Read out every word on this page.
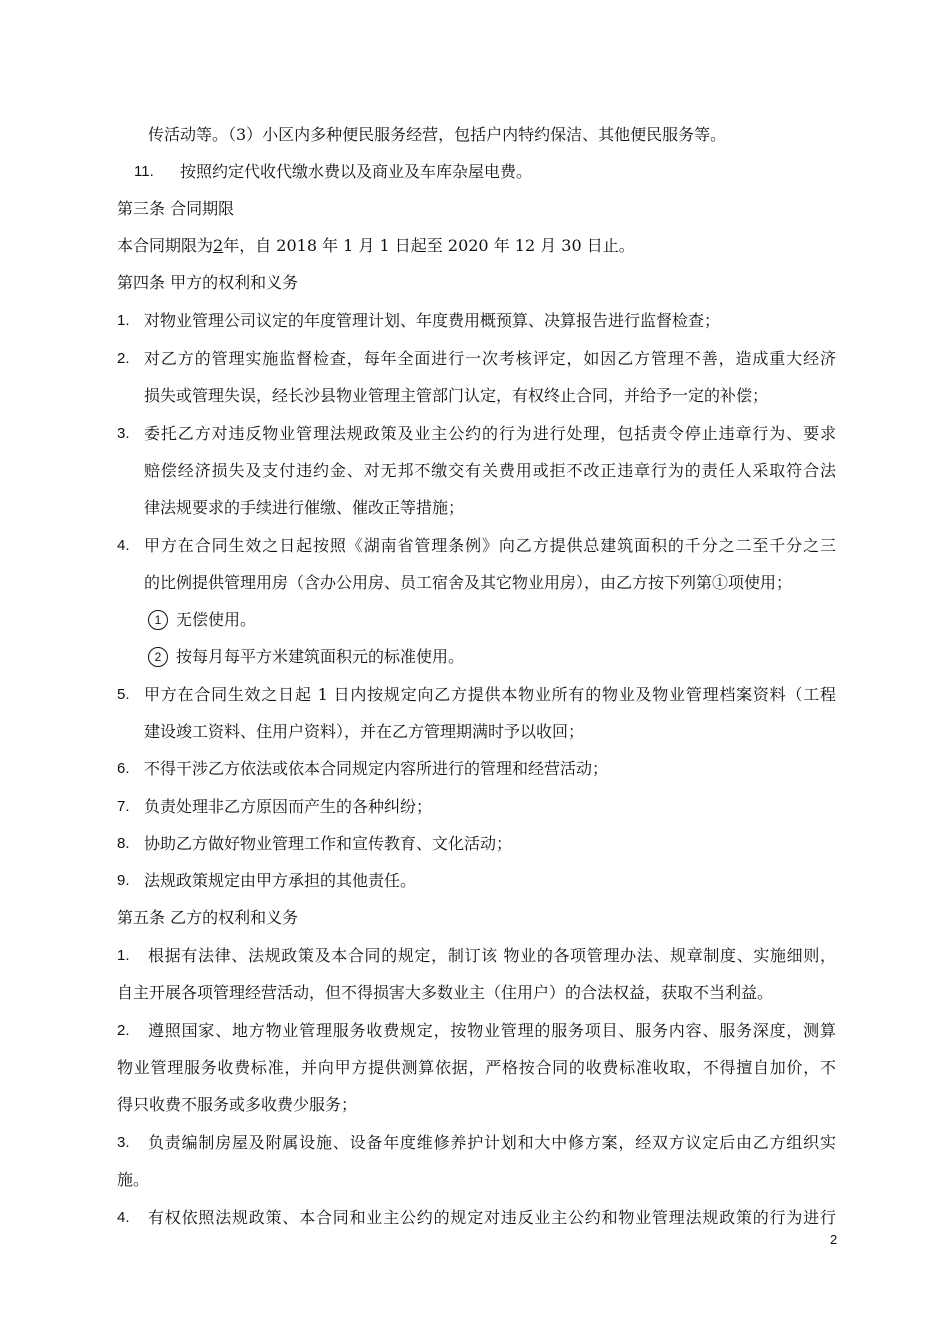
传活动等。（3）小区内多种便民服务经营，包括户内特约保洁、其他便民服务等。
11. 按照约定代收代缴水费以及商业及车库杂屋电费。
第三条 合同期限
本合同期限为2年，自 2018 年 1 月 1 日起至 2020 年 12 月 30 日止。
第四条 甲方的权利和义务
1. 对物业管理公司议定的年度管理计划、年度费用概预算、决算报告进行监督检查；
2. 对乙方的管理实施监督检查，每年全面进行一次考核评定，如因乙方管理不善，造成重大经济
损失或管理失误，经长沙县物业管理主管部门认定，有权终止合同，并给予一定的补偿；
3. 委托乙方对违反物业管理法规政策及业主公约的行为进行处理，包括责令停止违章行为、要求
赔偿经济损失及支付违约金、对无邦不缴交有关费用或拒不改正违章行为的责任人采取符合法
律法规要求的手续进行催缴、催改正等措施；
4. 甲方在合同生效之日起按照《湖南省管理条例》向乙方提供总建筑面积的千分之二至千分之三
的比例提供管理用房（含办公用房、员工宿舍及其它物业用房），由乙方按下列第①项使用；
1 无偿使用。
2 按每月每平方米建筑面积元的标准使用。
5. 甲方在合同生效之日起 1 日内按规定向乙方提供本物业所有的物业及物业管理档案资料（工程
建设竣工资料、住用户资料），并在乙方管理期满时予以收回；
6. 不得干涉乙方依法或依本合同规定内容所进行的管理和经营活动；
7. 负责处理非乙方原因而产生的各种纠纷；
8. 协助乙方做好物业管理工作和宣传教育、文化活动；
9. 法规政策规定由甲方承担的其他责任。
第五条 乙方的权利和义务
1. 根据有法律、法规政策及本合同的规定，制订该 物业的各项管理办法、规章制度、实施细则，
自主开展各项管理经营活动，但不得损害大多数业主（住用户）的合法权益，获取不当利益。
2. 遵照国家、地方物业管理服务收费规定，按物业管理的服务项目、服务内容、服务深度，测算
物业管理服务收费标准，并向甲方提供测算依据，严格按合同的收费标准收取，不得擅自加价，不
得只收费不服务或多收费少服务；
3. 负责编制房屋及附属设施、设备年度维修养护计划和大中修方案，经双方议定后由乙方组织实
施。
4. 有权依照法规政策、本合同和业主公约的规定对违反业主公约和物业管理法规政策的行为进行
2
